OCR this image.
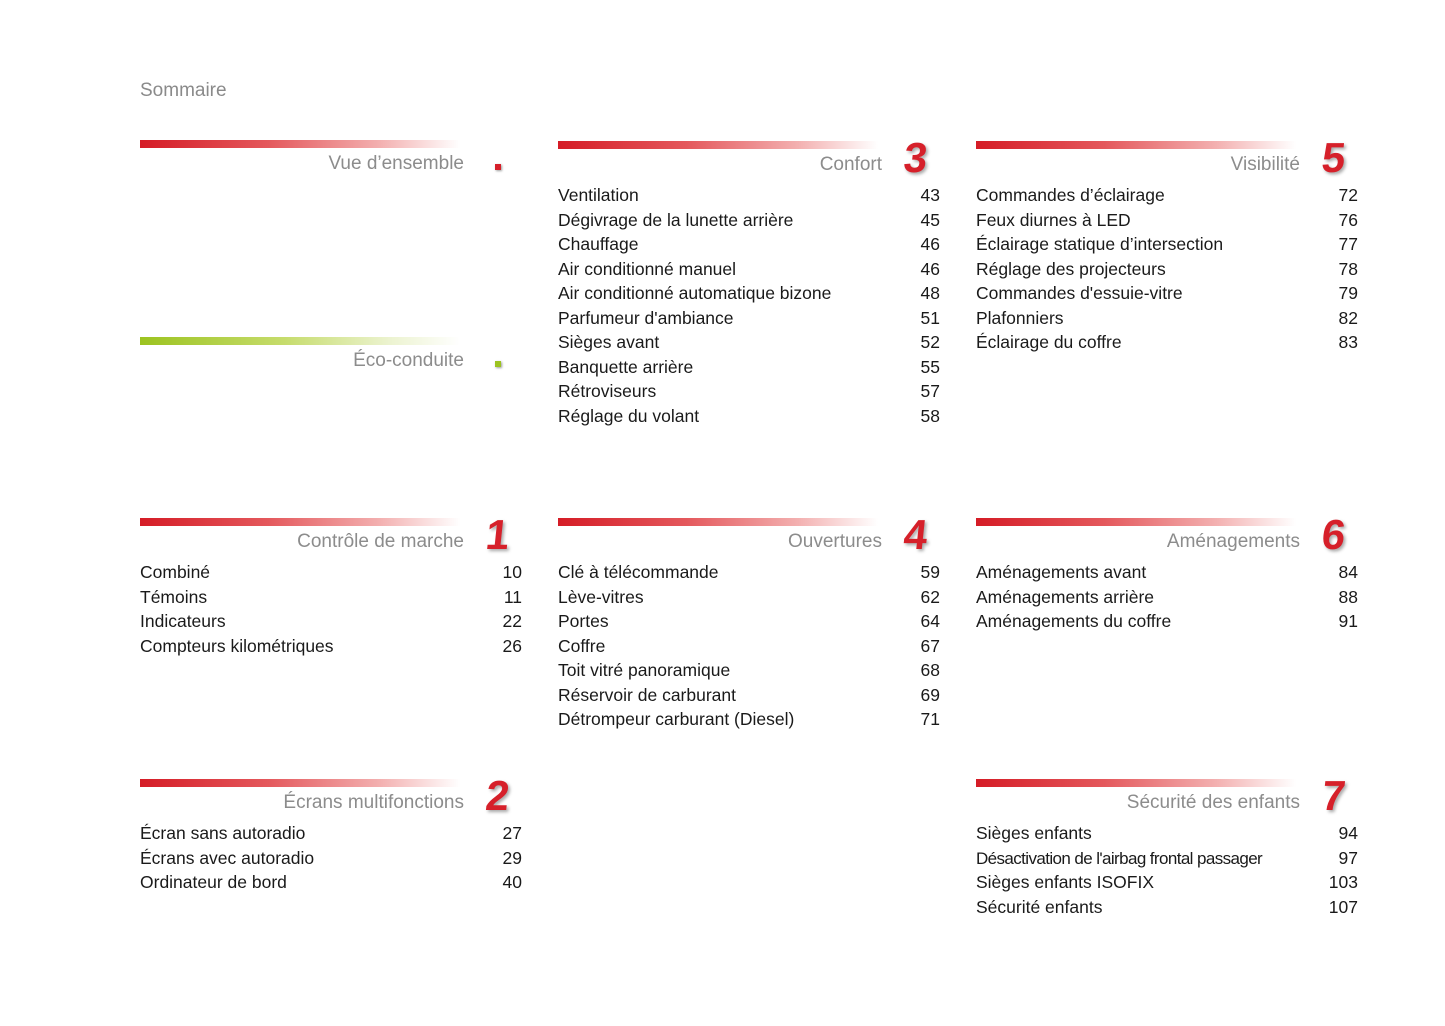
Sommaire
Vue d’ensemble
Éco-conduite
Contrôle de marche 1
Combiné	10
Témoins	11
Indicateurs	22
Compteurs kilométriques	26
Écrans multifonctions 2
Écran sans autoradio	27
Écrans avec autoradio	29
Ordinateur de bord	40
Confort 3
Ventilation	43
Dégivrage de la lunette arrière	45
Chauffage	46
Air conditionné manuel	46
Air conditionné automatique bizone	48
Parfumeur d'ambiance	51
Sièges avant	52
Banquette arrière	55
Rétroviseurs	57
Réglage du volant	58
Ouvertures 4
Clé à télécommande	59
Lève-vitres	62
Portes	64
Coffre	67
Toit vitré panoramique	68
Réservoir de carburant	69
Détrompeur carburant (Diesel)	71
Visibilité 5
Commandes d’éclairage	72
Feux diurnes à LED	76
Éclairage statique d’intersection	77
Réglage des projecteurs	78
Commandes d'essuie-vitre	79
Plafonniers	82
Éclairage du coffre	83
Aménagements 6
Aménagements avant	84
Aménagements arrière	88
Aménagements du coffre	91
Sécurité des enfants 7
Sièges enfants	94
Désactivation de l'airbag frontal passager	97
Sièges enfants ISOFIX	103
Sécurité enfants	107
